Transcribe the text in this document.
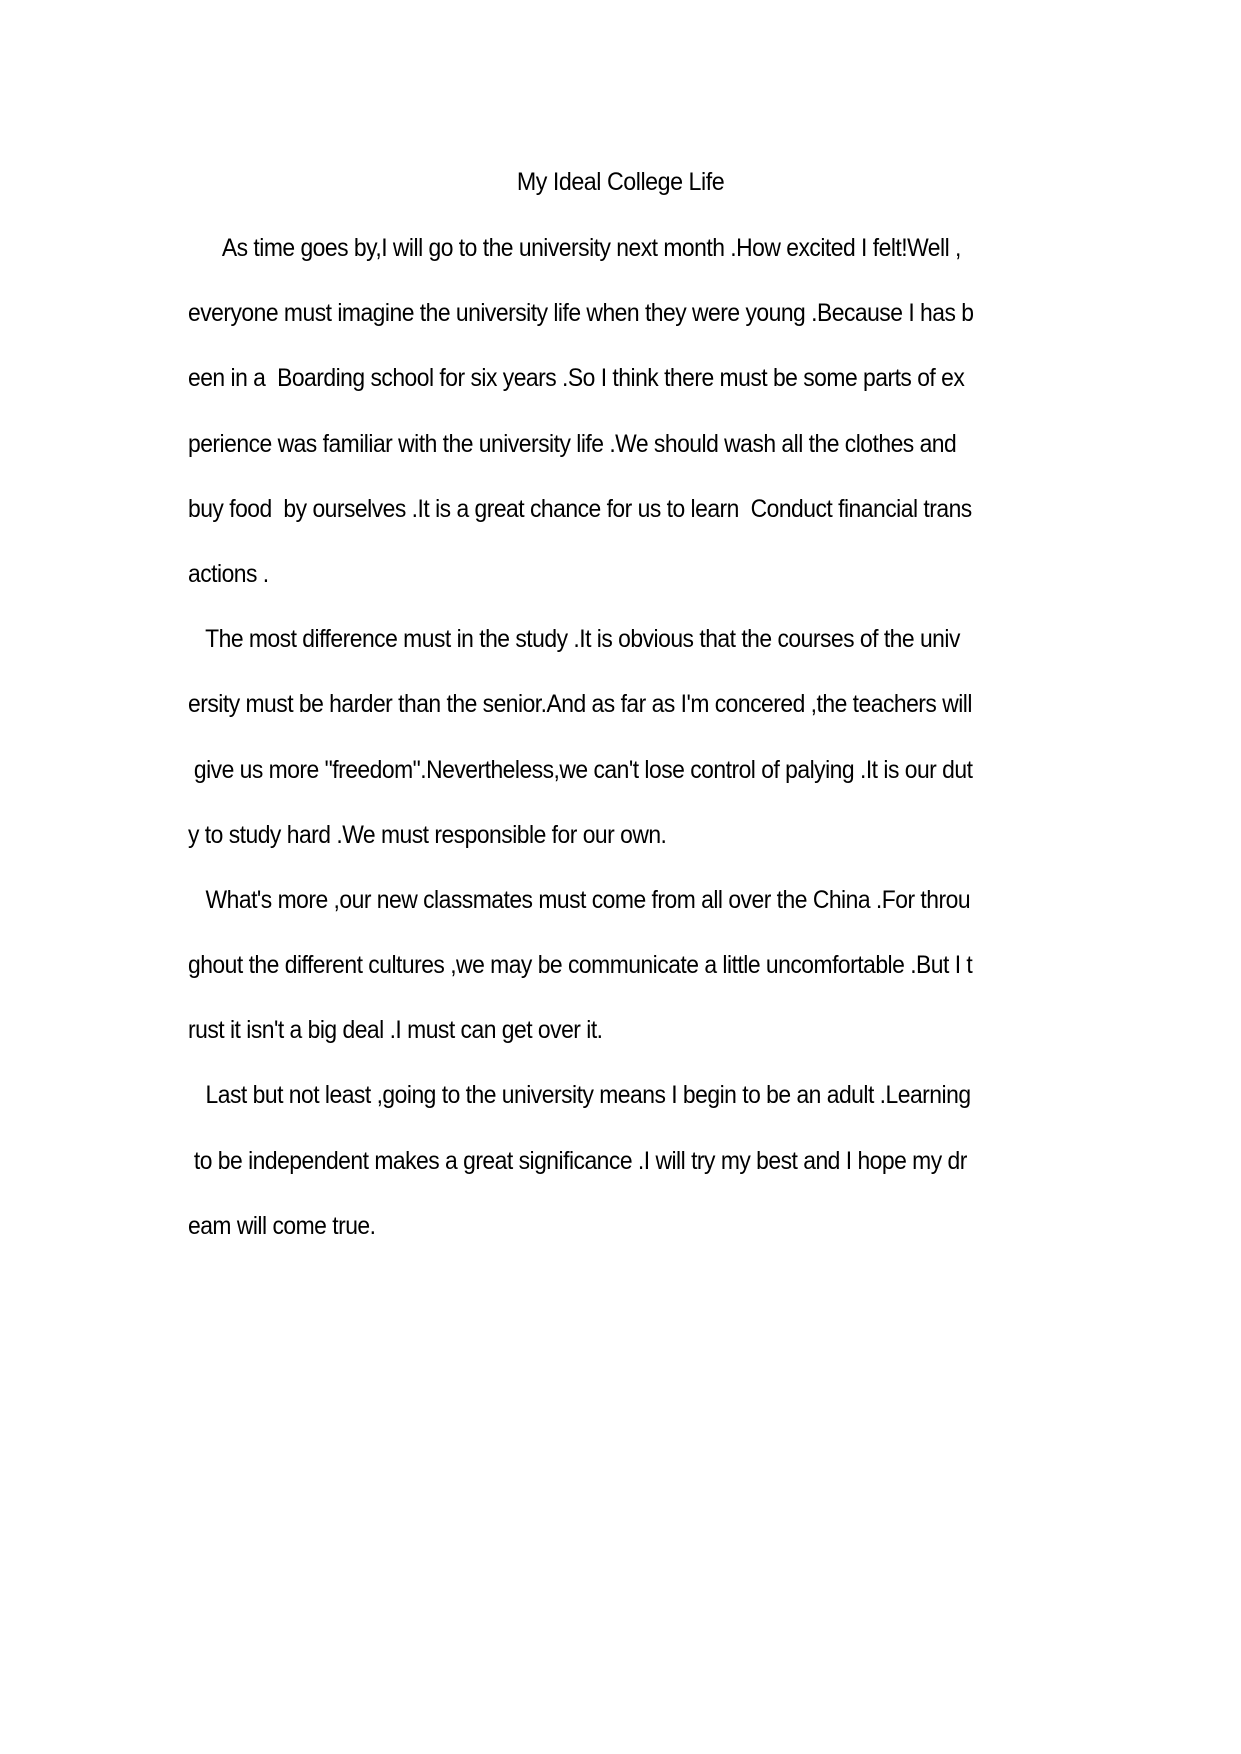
My Ideal College Life
As time goes by,I will go to the university next month .How excited I felt!Well ,
everyone must imagine the university life when they were young .Because I has b
een in a  Boarding school for six years .So I think there must be some parts of ex
perience was familiar with the university life .We should wash all the clothes and
buy food  by ourselves .It is a great chance for us to learn  Conduct financial trans
actions .
The most difference must in the study .It is obvious that the courses of the univ
ersity must be harder than the senior.And as far as I'm concered ,the teachers will
give us more "freedom".Nevertheless,we can't lose control of palying .It is our dut
y to study hard .We must responsible for our own.
What's more ,our new classmates must come from all over the China .For throu
ghout the different cultures ,we may be communicate a little uncomfortable .But I t
rust it isn't a big deal .I must can get over it.
Last but not least ,going to the university means I begin to be an adult .Learning
to be independent makes a great significance .I will try my best and I hope my dr
eam will come true.
